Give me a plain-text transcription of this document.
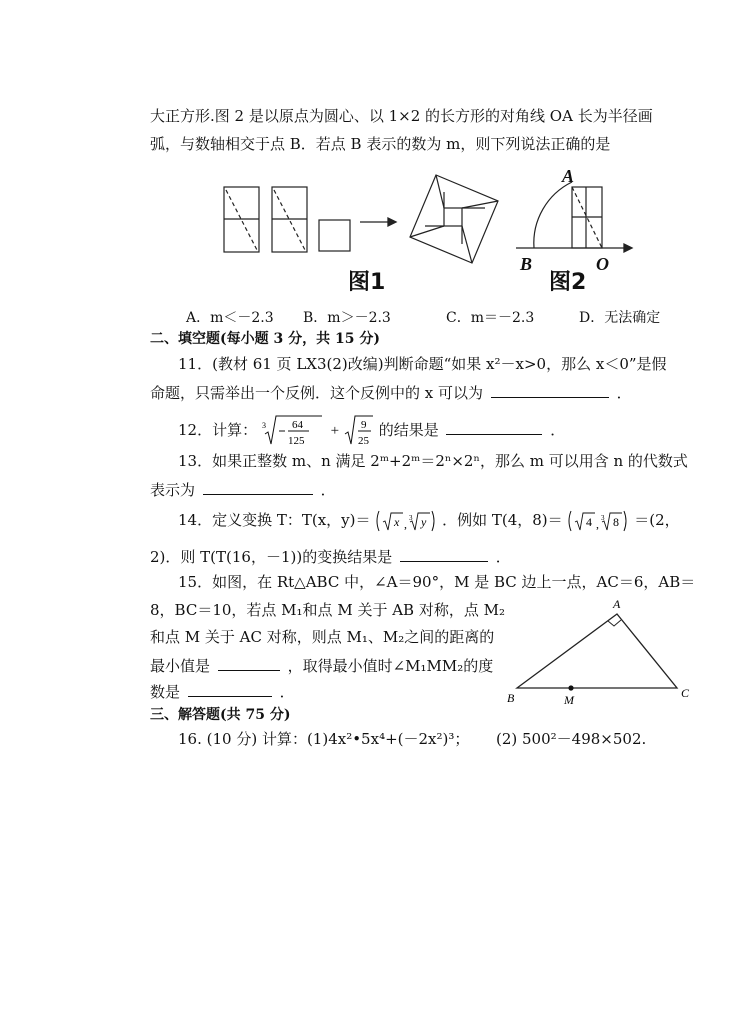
大正方形.图 2 是以原点为圆心、以 1×2 的长方形的对角线 OA 长为半径画
弧，与数轴相交于点 B．若点 B 表示的数为 m，则下列说法正确的是
图1
A
B	O
图2
A．m＜－2.3 B．m＞－2.3	C．m＝－2.3	D．无法确定
二、填空题(每小题 3 分，共 15 分)
11．(教材 61 页 LX3(2)改编)判断命题“如果 x²－x>0，那么 x＜0”是假
命题，只需举出一个反例．这个反例中的 x 可以为	．
12．计算： 3 64
125
+ 9
25
的结果是	．
13．如果正整数 m、n 满足 2ᵐ+2ᵐ＝2ⁿ×2ⁿ，那么 m 可以用含 n 的代数式
表示为	．
14．定义变换 T：T(x，y)＝ x , 3 y ．例如 T(4，8)＝ 4 , 3 8 ＝(2，
2)．则 T(T(16，－1))的变换结果是	．
15．如图，在 Rt△ABC 中，∠A＝90°，M 是 BC 边上一点，AC＝6，AB＝
8，BC＝10，若点 M₁和点 M 关于 AB 对称，点 M₂
和点 M 关于 AC 对称，则点 M₁、M₂之间的距离的
最小值是	，取得最小值时∠M₁MM₂的度
数是	．
A
B	C
M
三、解答题(共 75 分)
16. (10 分) 计算：(1)4x²•5x⁴+(－2x²)³； (2) 500²－498×502.
